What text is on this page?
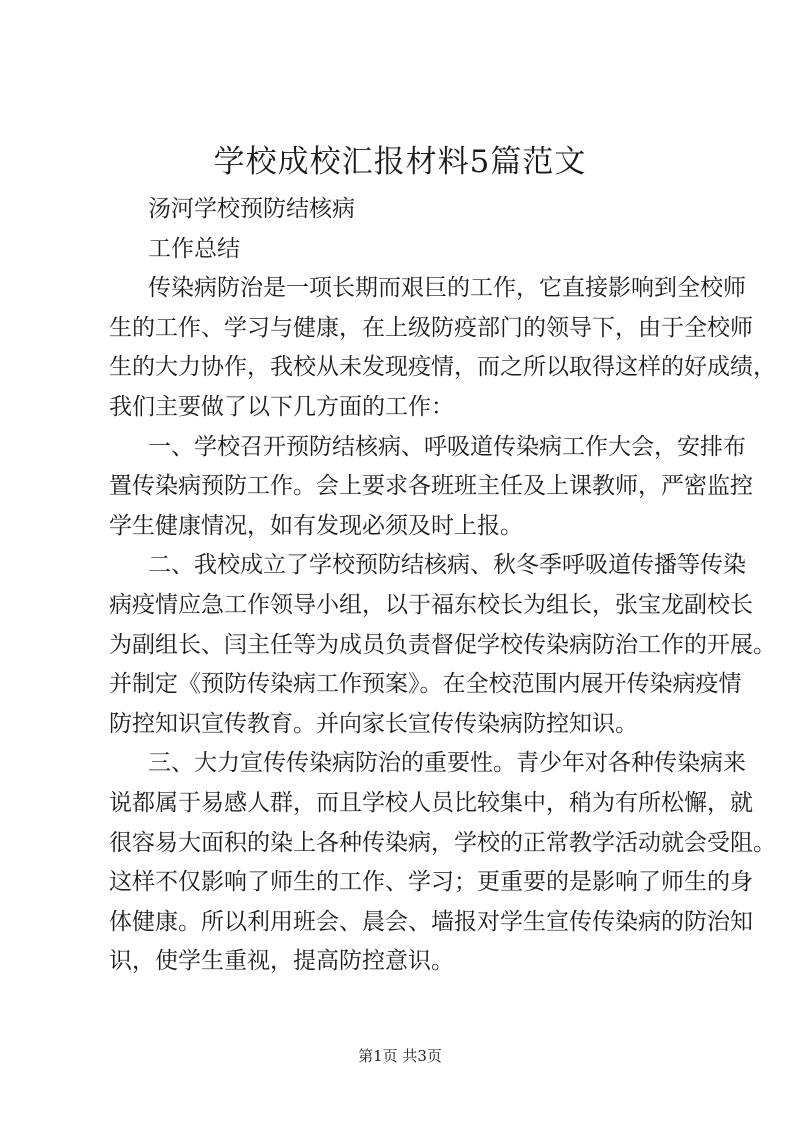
学校成校汇报材料5篇范文
汤河学校预防结核病
工作总结
传染病防治是一项长期而艰巨的工作，它直接影响到全校师
生的工作、学习与健康，在上级防疫部门的领导下，由于全校师
生的大力协作，我校从未发现疫情，而之所以取得这样的好成绩，
我们主要做了以下几方面的工作：
一、学校召开预防结核病、呼吸道传染病工作大会，安排布
置传染病预防工作。会上要求各班班主任及上课教师，严密监控
学生健康情况，如有发现必须及时上报。
二、我校成立了学校预防结核病、秋冬季呼吸道传播等传染
病疫情应急工作领导小组，以于福东校长为组长，张宝龙副校长
为副组长、闫主任等为成员负责督促学校传染病防治工作的开展。
并制定《预防传染病工作预案》。在全校范围内展开传染病疫情
防控知识宣传教育。并向家长宣传传染病防控知识。
三、大力宣传传染病防治的重要性。青少年对各种传染病来
说都属于易感人群，而且学校人员比较集中，稍为有所松懈，就
很容易大面积的染上各种传染病，学校的正常教学活动就会受阻。
这样不仅影响了师生的工作、学习；更重要的是影响了师生的身
体健康。所以利用班会、晨会、墙报对学生宣传传染病的防治知
识，使学生重视，提高防控意识。
第1页 共3页
